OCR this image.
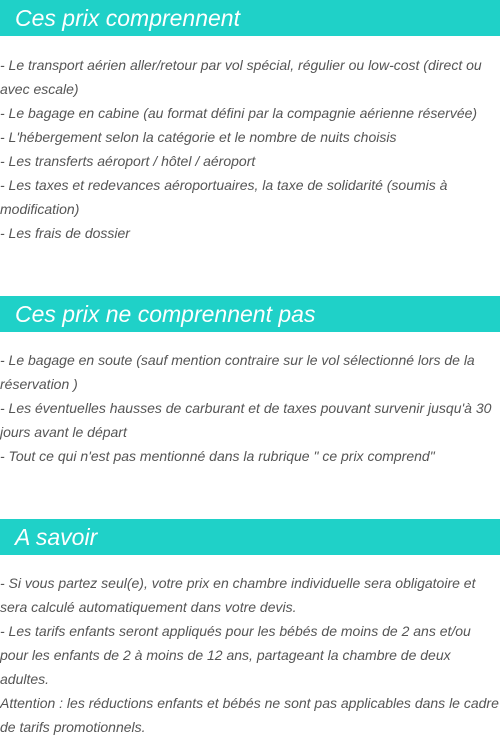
Ces prix comprennent

- Le transport aérien aller/retour par vol spécial, régulier ou low-cost (direct ou avec escale)

- Le bagage en cabine (au format défini par la compagnie aérienne réservée)

- L'hébergement selon la catégorie et le nombre de nuits choisis

- Les transferts aéroport / hôtel / aéroport

- Les taxes et redevances aéroportuaires, la taxe de solidarité (soumis à modification)

- Les frais de dossier

Ces prix ne comprennent pas

- Le bagage en soute (sauf mention contraire sur le vol sélectionné lors de la réservation )

- Les éventuelles hausses de carburant et de taxes pouvant survenir jusqu'à 30 jours avant le départ

- Tout ce qui n'est pas mentionné dans la rubrique " ce prix comprend"

A savoir

- Si vous partez seul(e), votre prix en chambre individuelle sera obligatoire et sera calculé automatiquement dans votre devis.

- Les tarifs enfants seront appliqués pour les bébés de moins de 2 ans et/ou pour les enfants de 2 à moins de 12 ans, partageant la chambre de deux adultes.

Attention : les réductions enfants et bébés ne sont pas applicables dans le cadre de tarifs promotionnels.
